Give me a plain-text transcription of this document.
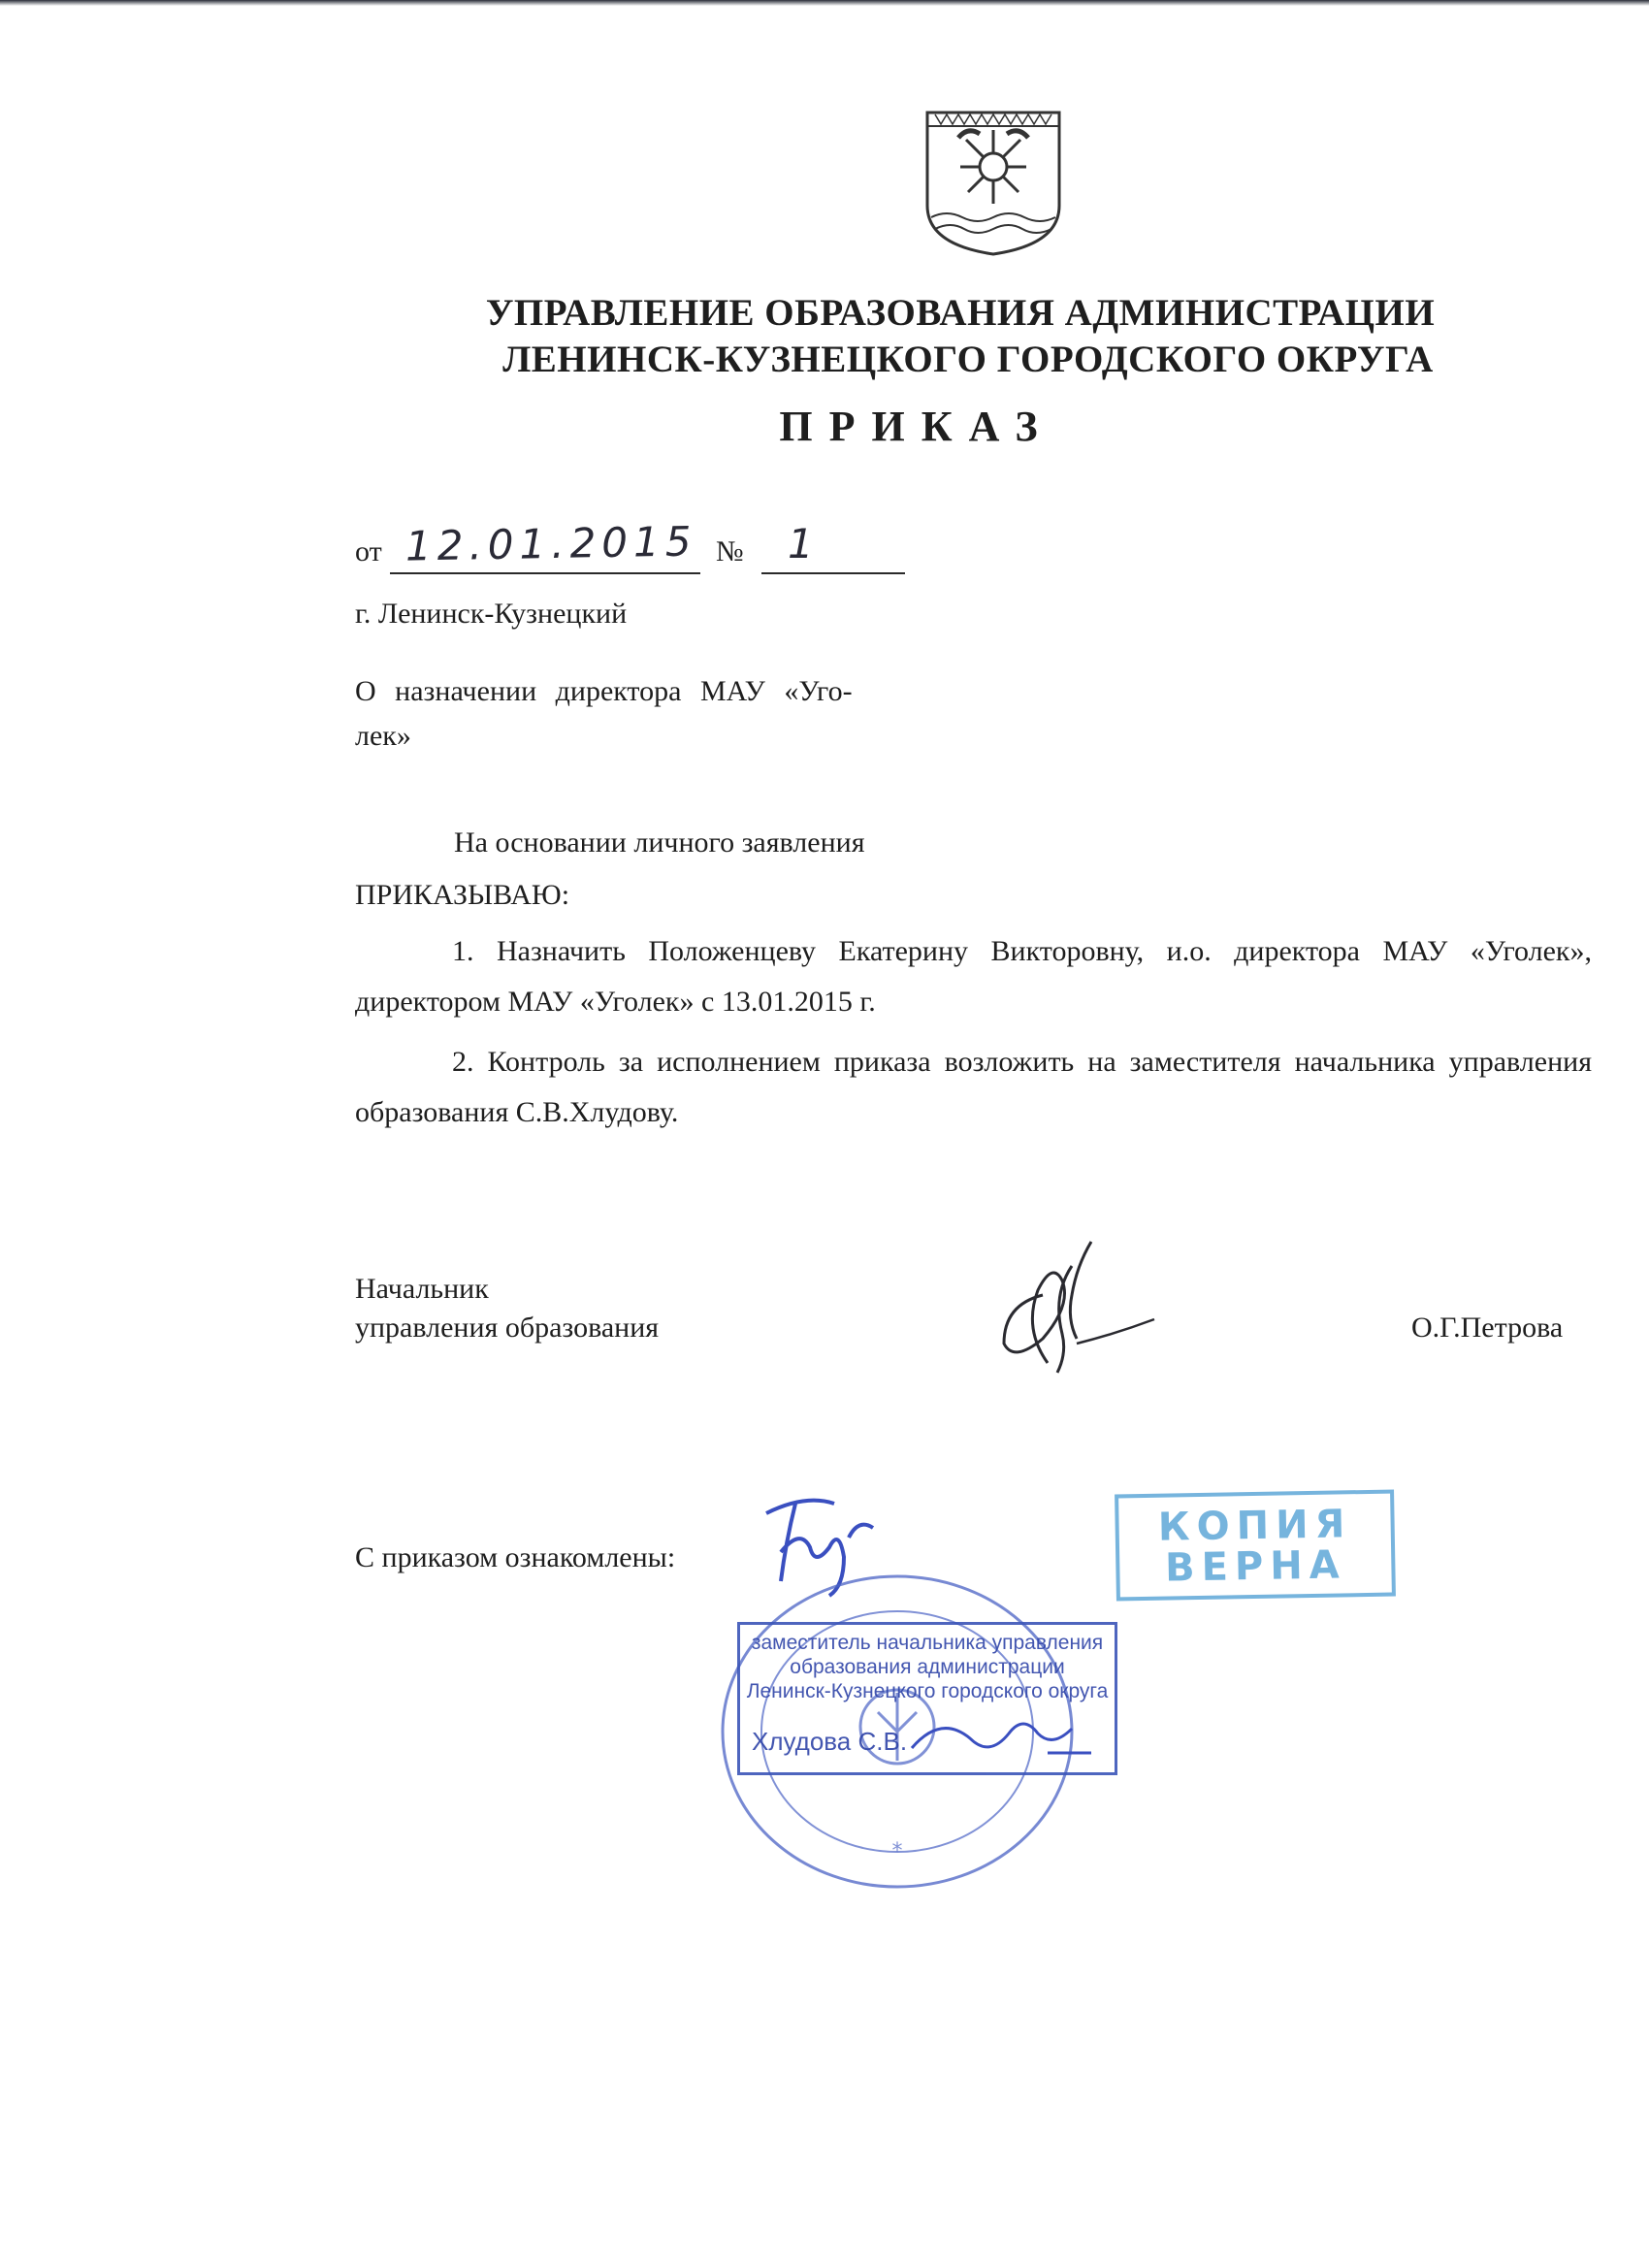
УПРАВЛЕНИЕ ОБРАЗОВАНИЯ АДМИНИСТРАЦИИ
ЛЕНИНСК-КУЗНЕЦКОГО ГОРОДСКОГО ОКРУГА
ПРИКАЗ
от 12.01.2015 № 1
г. Ленинск-Кузнецкий
О назначении директора МАУ «Уго-
лек»
На основании личного заявления
ПРИКАЗЫВАЮ:
1. Назначить Положенцеву Екатерину Викторовну, и.о. директора МАУ «Уголек», директором МАУ «Уголек» с 13.01.2015 г.
2. Контроль за исполнением приказа возложить на заместителя начальника управления образования С.В.Хлудову.
Начальник
управления образования	О.Г.Петрова
С приказом ознакомлены:
КОПИЯ
ВЕРНА
*
заместитель начальника управления
образования администрации
Ленинск-Кузнецкого городского округа
Хлудова С.В.
